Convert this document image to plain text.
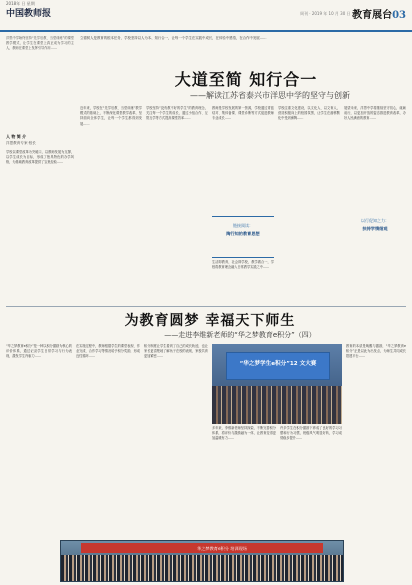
2018年 日 星期
中国教师报	周刊 · 2019 年 10 月 30 日 教育展台03
立德树人是教育的根本任务，学校坚持以人为本、知行合一，让每一个学生在实践中成长，在体验中感悟，在合作中发展……
大道至简 知行合一
——解读江苏省泰兴市洋思中学的坚守与创新
洋思中学始终坚持“先学后教、当堂训练”的课堂教学模式，让学生在课堂上真正成为学习的主人，教师在课堂上发挥引导作用……
人 物 简 介
洋思教育专家·校长
学校以课堂改革为突破口，以教师发展为支撑，以学生成长为目标，形成了独具特色的办学风格，为基础教育改革提供了宝贵经验……
近年来，学校在“先学后教、当堂训练”教学模式的基础上，不断深化课堂教学改革，坚持面向全体学生，让每一个学生都得到发展……
学校坚持“没有教不好的学生”的教育理念，关注每一个学生的成长，通过小组合作、互帮互学等方式提高课堂效率……
教师是学校发展的第一资源，学校通过青蓝结对、集体备课、课堂诊断等方式促进教师专业成长……
链接阅读：
陶行知的教育思想
生活即教育，社会即学校，教学做合一，学校将教育理念融入日常教学实践之中……
学校注重文化建设，以文化人、以文育人，营造积极向上的校园氛围，让学生在潜移默化中受到熏陶……
展望未来，洋思中学将继续坚守初心，砥砺前行，以更加开放的姿态推进教育改革，办好人民满意的教育……
以行促知之力：
扶持学情细观
为教育圆梦 幸福天下师生
——走进李维新老师的“华之梦教育e积分”（四）
“华之梦教育e积分”是一种以积分激励为核心的评价体系，通过记录学生日常学习与行为表现，激发学生内驱力……
在实施过程中，教师根据学生的课堂表现、作业完成、合作学习等情况给予积分奖励，形成良性循环……
积分制度让学生看到了自己的成长轨迹，也让家长更清楚地了解孩子在校的表现，家校共育更加紧密……
“华之梦学生e积分”12 文大赛
多年来，李维新老师坚持探索，不断完善积分体系，将评价与激励融为一体，让教育变得更加温暖有力……
许多学生在积分激励下养成了良好的学习习惯和行为习惯，班级风气明显好转，学习成绩稳步提升……
教育的本质是唤醒与激励，“华之梦教育e积分”正是以此为出发点，为师生共同成长搭建平台……
华之梦教育e积分 培训现场
